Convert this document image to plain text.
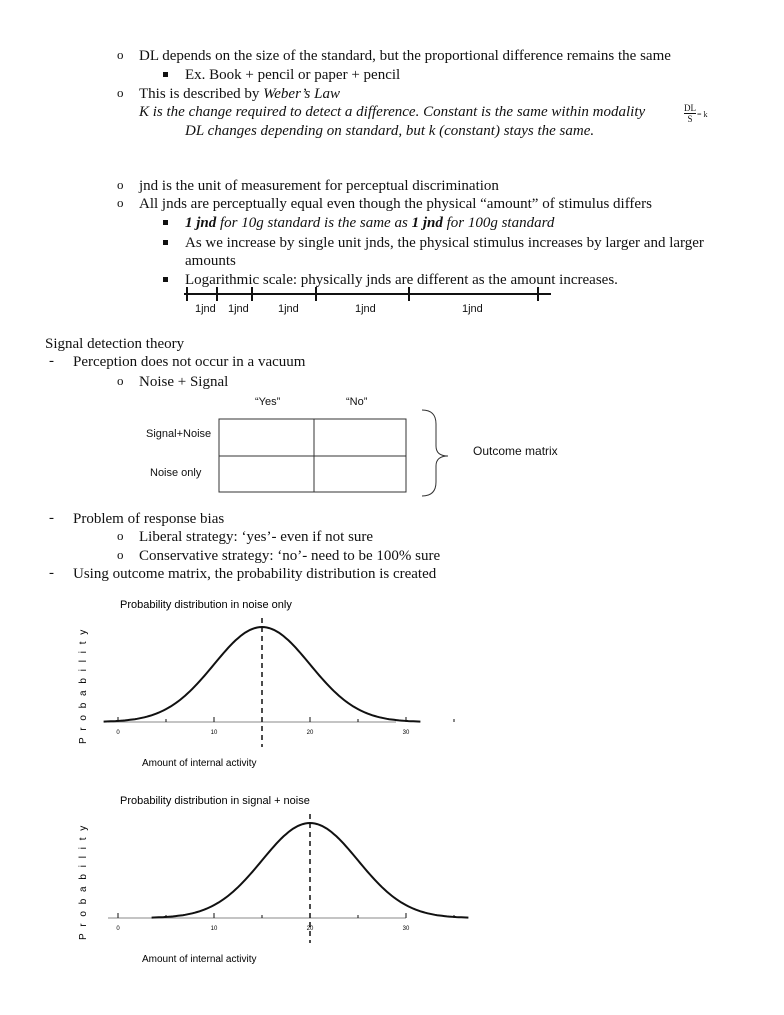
o DL depends on the size of the standard, but the proportional difference remains the same
Ex. Book + pencil or paper + pencil
o This is described by Weber’s Law
K is the change required to detect a difference. Constant is the same within modality
DL changes depending on standard, but k (constant) stays the same.
$\frac{DL}{S} = k$
o jnd is the unit of measurement for perceptual discrimination
o All jnds are perceptually equal even though the physical “amount” of stimulus differs
1 jnd for 10g standard is the same as 1 jnd for 100g standard
As we increase by single unit jnds, the physical stimulus increases by larger and larger
amounts
Logarithmic scale: physically jnds are different as the amount increases.
1jnd 1jnd	1jnd	1jnd	1jnd
Signal detection theory
- Perception does not occur in a vacuum
o Noise + Signal
“Yes”	“No”
Signal+Noise
Noise only
Outcome matrix
- Problem of response bias
o Liberal strategy: ‘yes’- even if not sure
o Conservative strategy: ‘no’- need to be 100% sure
- Using outcome matrix, the probability distribution is created
Probability distribution in noise only
P r o b a b i l i t y	0	10	20	30
Amount of internal activity
Probability distribution in signal + noise
P r o b a b i l i t y	0	10	20	30
Amount of internal activity
